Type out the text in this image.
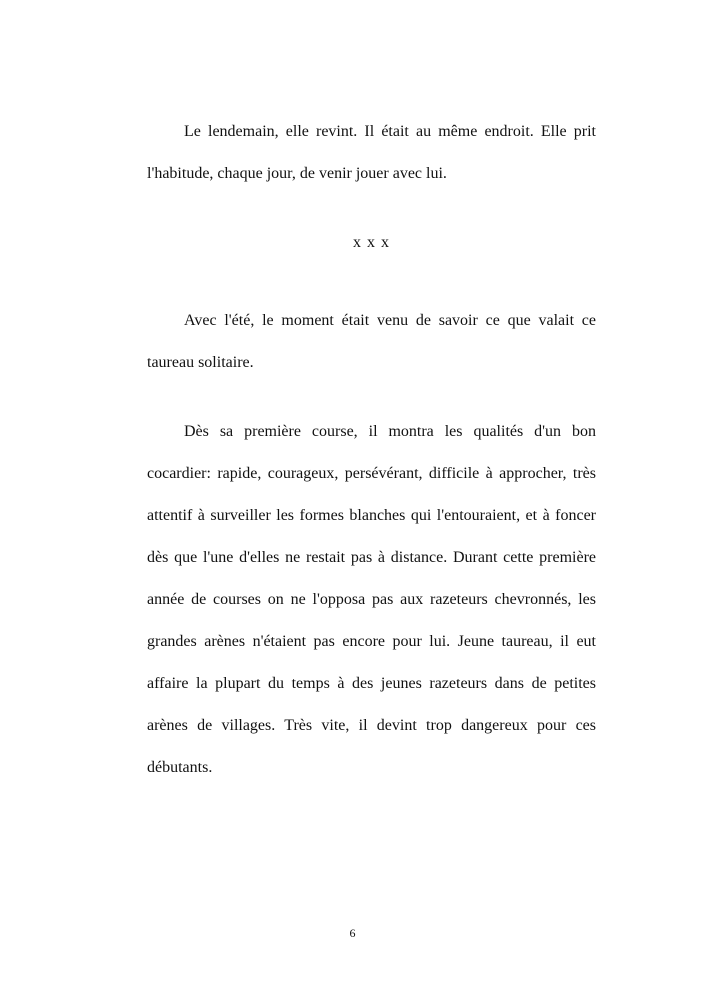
Le lendemain, elle revint. Il était au même endroit. Elle prit l'habitude, chaque jour, de venir jouer avec lui.

x x x

Avec l'été, le moment était venu de savoir ce que valait ce taureau solitaire.

Dès sa première course, il montra les qualités d'un bon cocardier: rapide, courageux, persévérant, difficile à approcher, très attentif à surveiller les formes blanches qui l'entouraient, et à foncer dès que l'une d'elles ne restait pas à distance. Durant cette première année de courses on ne l'opposa pas aux razeteurs chevronnés, les grandes arènes n'étaient pas encore pour lui. Jeune taureau, il eut affaire la plupart du temps à des jeunes razeteurs dans de petites arènes de villages. Très vite, il devint trop dangereux pour ces débutants.

6
